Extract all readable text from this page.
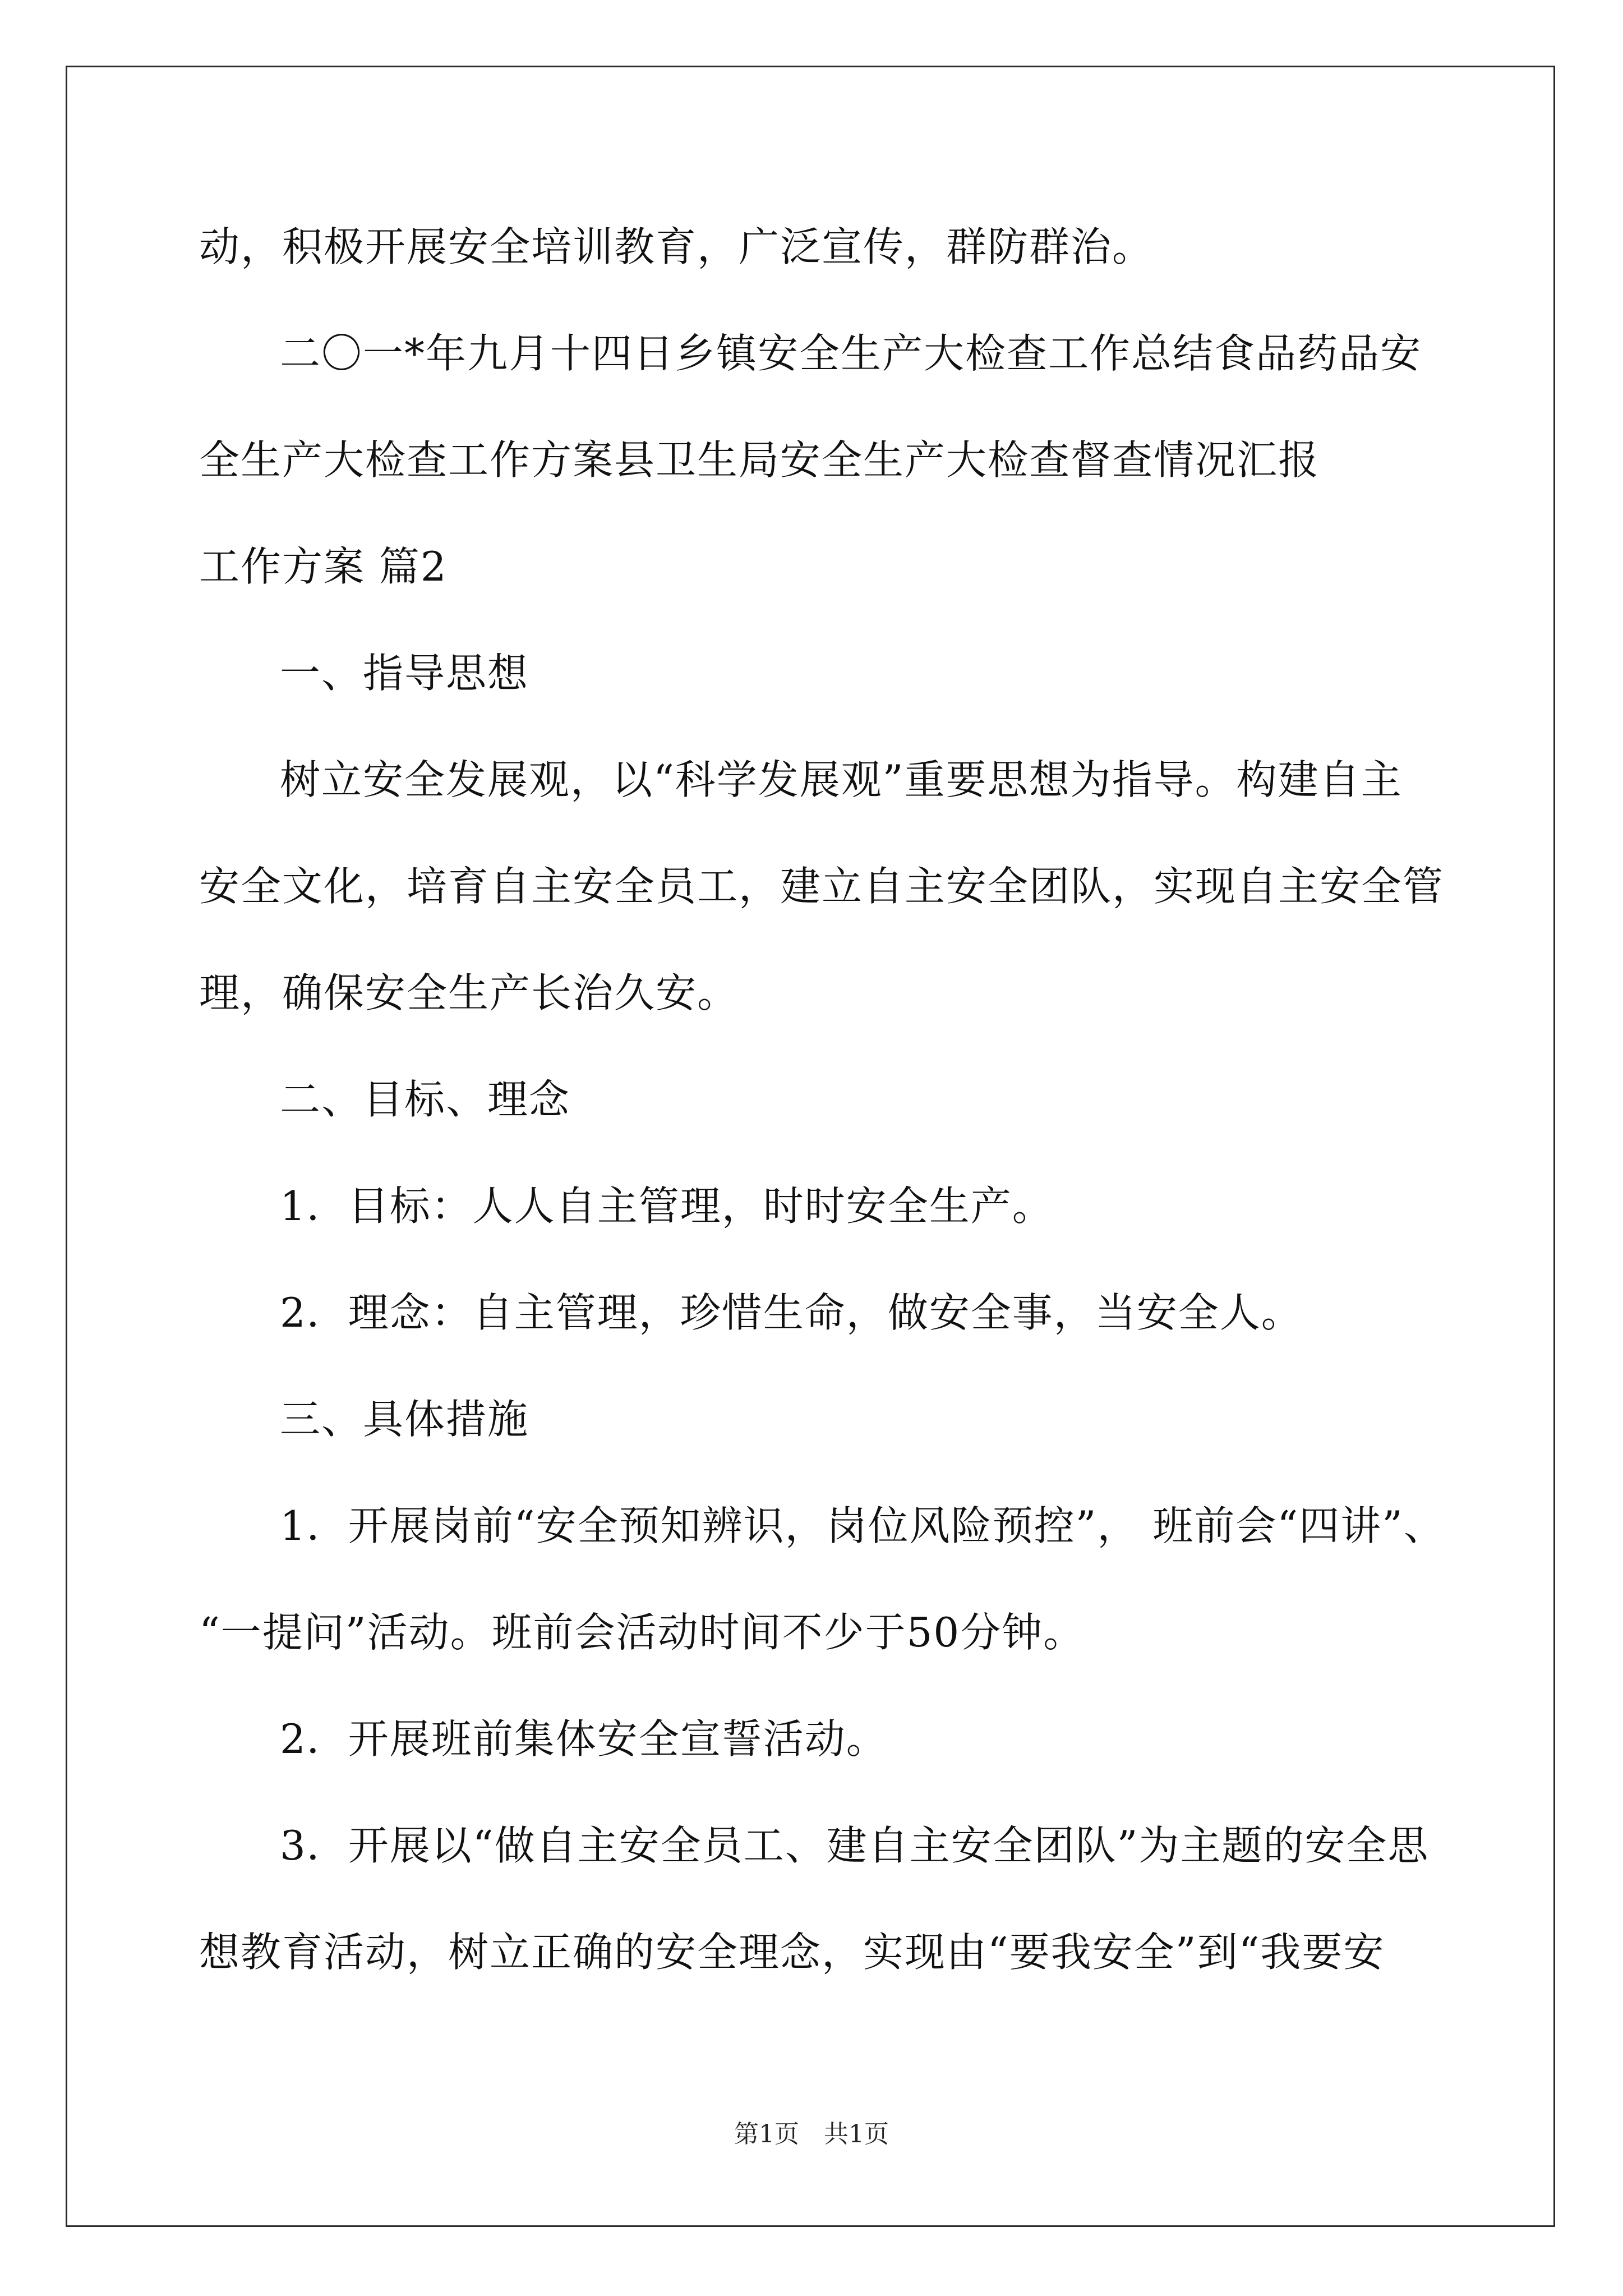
动，积极开展安全培训教育，广泛宣传，群防群治。
二〇一*年九月十四日乡镇安全生产大检查工作总结食品药品安
全生产大检查工作方案县卫生局安全生产大检查督查情况汇报
工作方案 篇2
一、指导思想
树立安全发展观，以“科学发展观”重要思想为指导。构建自主
安全文化，培育自主安全员工，建立自主安全团队，实现自主安全管
理，确保安全生产长治久安。
二、目标、理念
1．目标：人人自主管理，时时安全生产。
2．理念：自主管理，珍惜生命，做安全事，当安全人。
三、具体措施
1．开展岗前“安全预知辨识，岗位风险预控”， 班前会“四讲”、
“一提问”活动。班前会活动时间不少于50分钟。
2．开展班前集体安全宣誓活动。
3．开展以“做自主安全员工、建自主安全团队”为主题的安全思
想教育活动，树立正确的安全理念，实现由“要我安全”到“我要安
第1页　共1页
